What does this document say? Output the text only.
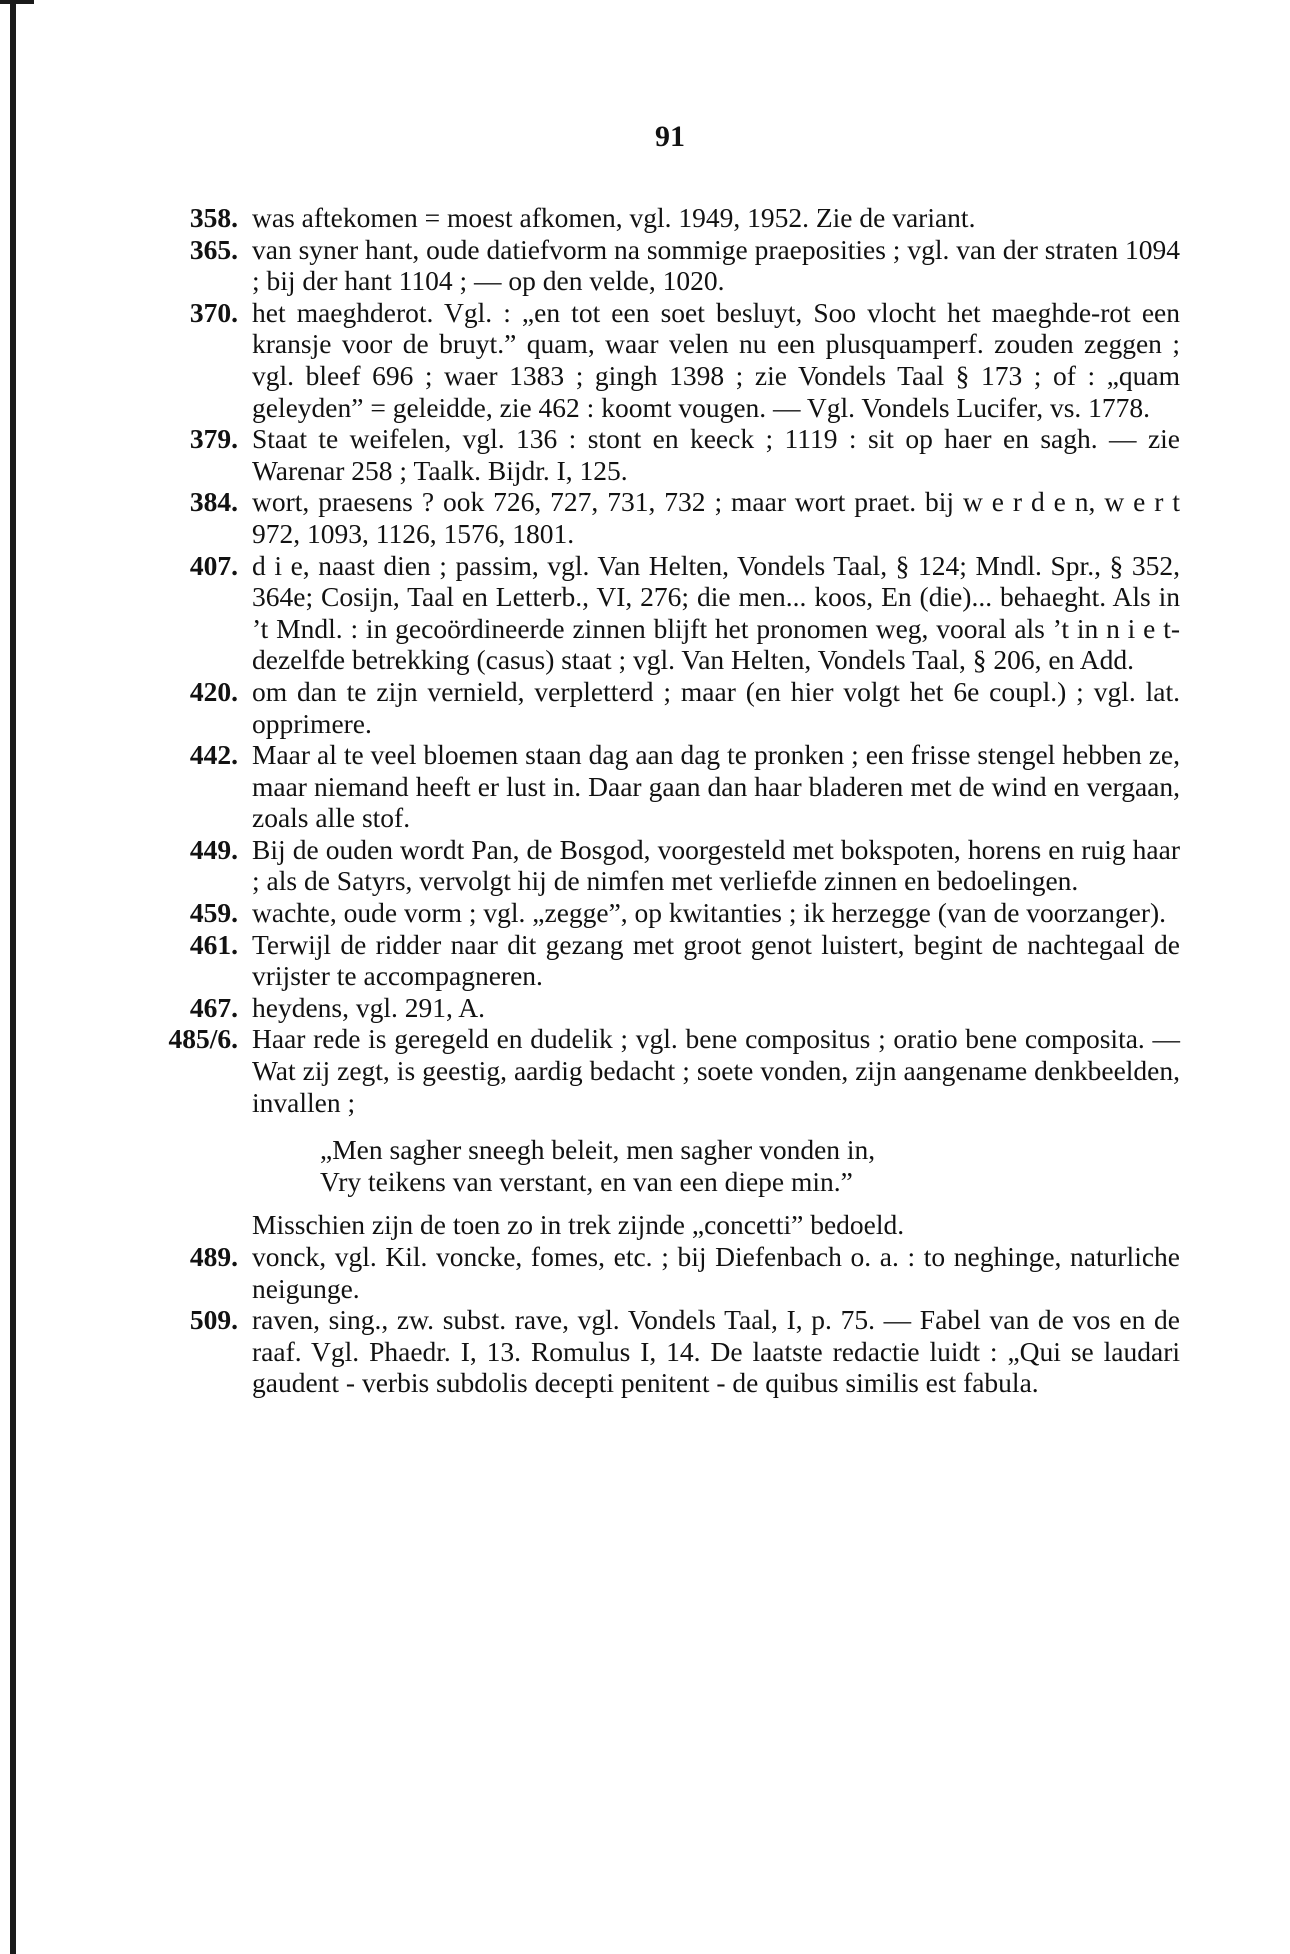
91
358. was aftekomen = moest afkomen, vgl. 1949, 1952. Zie de variant.
365. van syner hant, oude datiefvorm na sommige praeposities ; vgl. van der straten 1094 ; bij der hant 1104 ; — op den velde, 1020.
370. het maeghderot. Vgl. : „en tot een soet besluyt, Soo vlocht het maeghde-rot een kransje voor de bruyt.” quam, waar velen nu een plusquamperf. zouden zeggen ; vgl. bleef 696 ; waer 1383 ; gingh 1398 ; zie Vondels Taal § 173 ; of : „quam geleyden” = geleidde, zie 462 : koomt vougen. — Vgl. Vondels Lucifer, vs. 1778.
379. Staat te weifelen, vgl. 136 : stont en keeck ; 1119 : sit op haer en sagh. — zie Warenar 258 ; Taalk. Bijdr. I, 125.
384. wort, praesens ? ook 726, 727, 731, 732 ; maar wort praet. bij w e r d e n, w e r t 972, 1093, 1126, 1576, 1801.
407. d i e, naast dien ; passim, vgl. Van Helten, Vondels Taal, § 124; Mndl. Spr., § 352, 364e; Cosijn, Taal en Letterb., VI, 276; die men... koos, En (die)... behaeght. Als in ’t Mndl. : in gecoördineerde zinnen blijft het pronomen weg, vooral als ’t in n i e t-dezelfde betrekking (casus) staat ; vgl. Van Helten, Vondels Taal, § 206, en Add.
420. om dan te zijn vernield, verpletterd ; maar (en hier volgt het 6e coupl.) ; vgl. lat. opprimere.
442. Maar al te veel bloemen staan dag aan dag te pronken ; een frisse stengel hebben ze, maar niemand heeft er lust in. Daar gaan dan haar bladeren met de wind en vergaan, zoals alle stof.
449. Bij de ouden wordt Pan, de Bosgod, voorgesteld met bokspoten, horens en ruig haar ; als de Satyrs, vervolgt hij de nimfen met verliefde zinnen en bedoelingen.
459. wachte, oude vorm ; vgl. „zegge”, op kwitanties ; ik herzegge (van de voorzanger).
461. Terwijl de ridder naar dit gezang met groot genot luistert, begint de nachtegaal de vrijster te accompagneren.
467. heydens, vgl. 291, A.
485/6. Haar rede is geregeld en dudelik ; vgl. bene compositus ; oratio bene composita. — Wat zij zegt, is geestig, aardig bedacht ; soete vonden, zijn aangename denkbeelden, invallen ;
„Men sagher sneegh beleit, men sagher vonden in,
Vry teikens van verstant, en van een diepe min.”
Misschien zijn de toen zo in trek zijnde „concetti” bedoeld.
489. vonck, vgl. Kil. voncke, fomes, etc. ; bij Diefenbach o. a. : to neghinge, naturliche neigunge.
509. raven, sing., zw. subst. rave, vgl. Vondels Taal, I, p. 75. — Fabel van de vos en de raaf. Vgl. Phaedr. I, 13. Romulus I, 14. De laatste redactie luidt : „Qui se laudari gaudent - verbis subdolis decepti penitent - de quibus similis est fabula.
